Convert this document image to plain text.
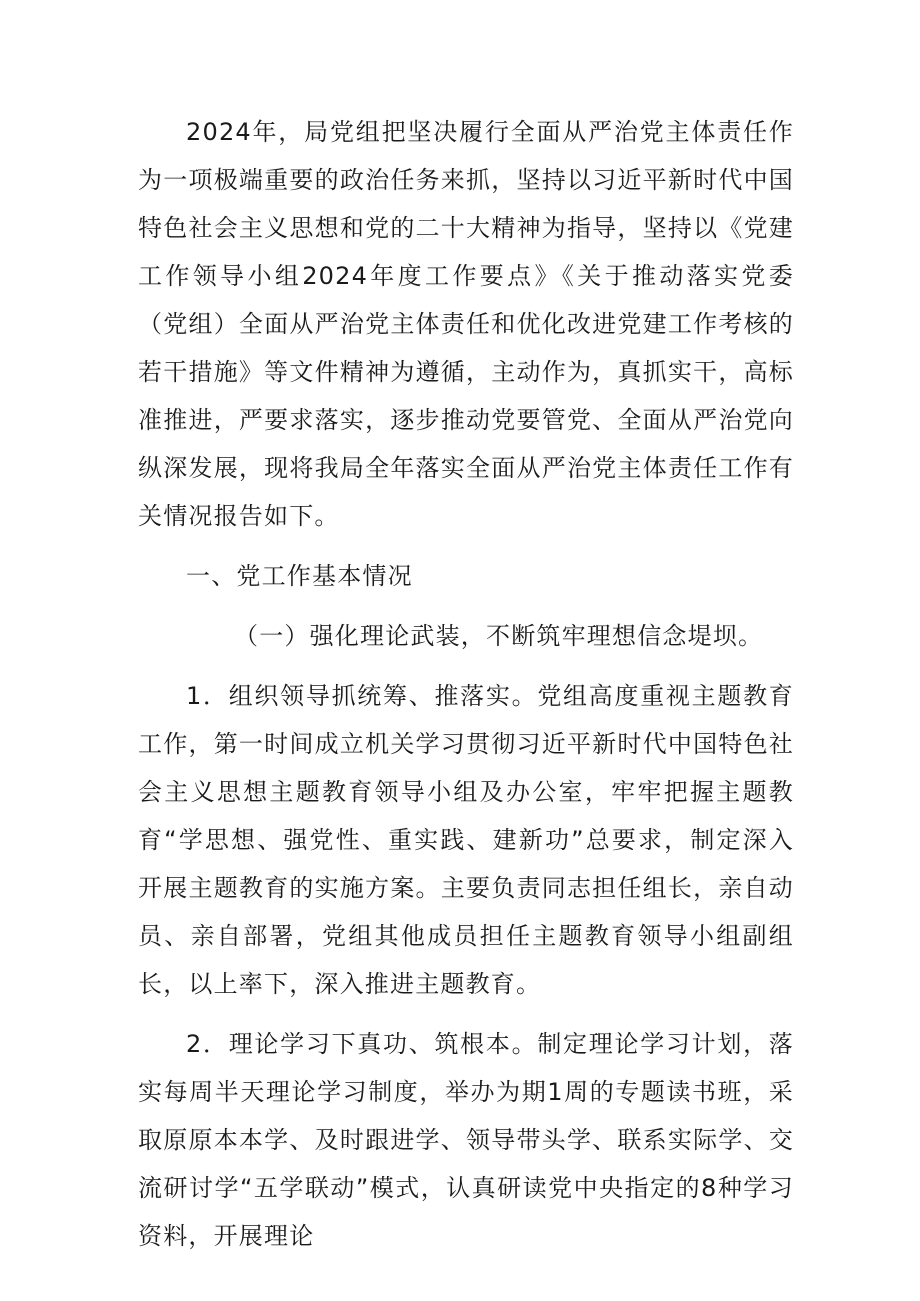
2024年，局党组把坚决履行全面从严治党主体责任作为一项极端重要的政治任务来抓，坚持以习近平新时代中国特色社会主义思想和党的二十大精神为指导，坚持以《党建工作领导小组2024年度工作要点》《关于推动落实党委（党组）全面从严治党主体责任和优化改进党建工作考核的若干措施》等文件精神为遵循，主动作为，真抓实干，高标准推进，严要求落实，逐步推动党要管党、全面从严治党向纵深发展，现将我局全年落实全面从严治党主体责任工作有关情况报告如下。

一、党工作基本情况

（一）强化理论武装，不断筑牢理想信念堤坝。

1．组织领导抓统筹、推落实。党组高度重视主题教育工作，第一时间成立机关学习贯彻习近平新时代中国特色社会主义思想主题教育领导小组及办公室，牢牢把握主题教育“学思想、强党性、重实践、建新功”总要求，制定深入开展主题教育的实施方案。主要负责同志担任组长，亲自动员、亲自部署，党组其他成员担任主题教育领导小组副组长，以上率下，深入推进主题教育。

2．理论学习下真功、筑根本。制定理论学习计划，落实每周半天理论学习制度，举办为期1周的专题读书班，采取原原本本学、及时跟进学、领导带头学、联系实际学、交流研讨学“五学联动”模式，认真研读党中央指定的8种学习资料，开展理论
